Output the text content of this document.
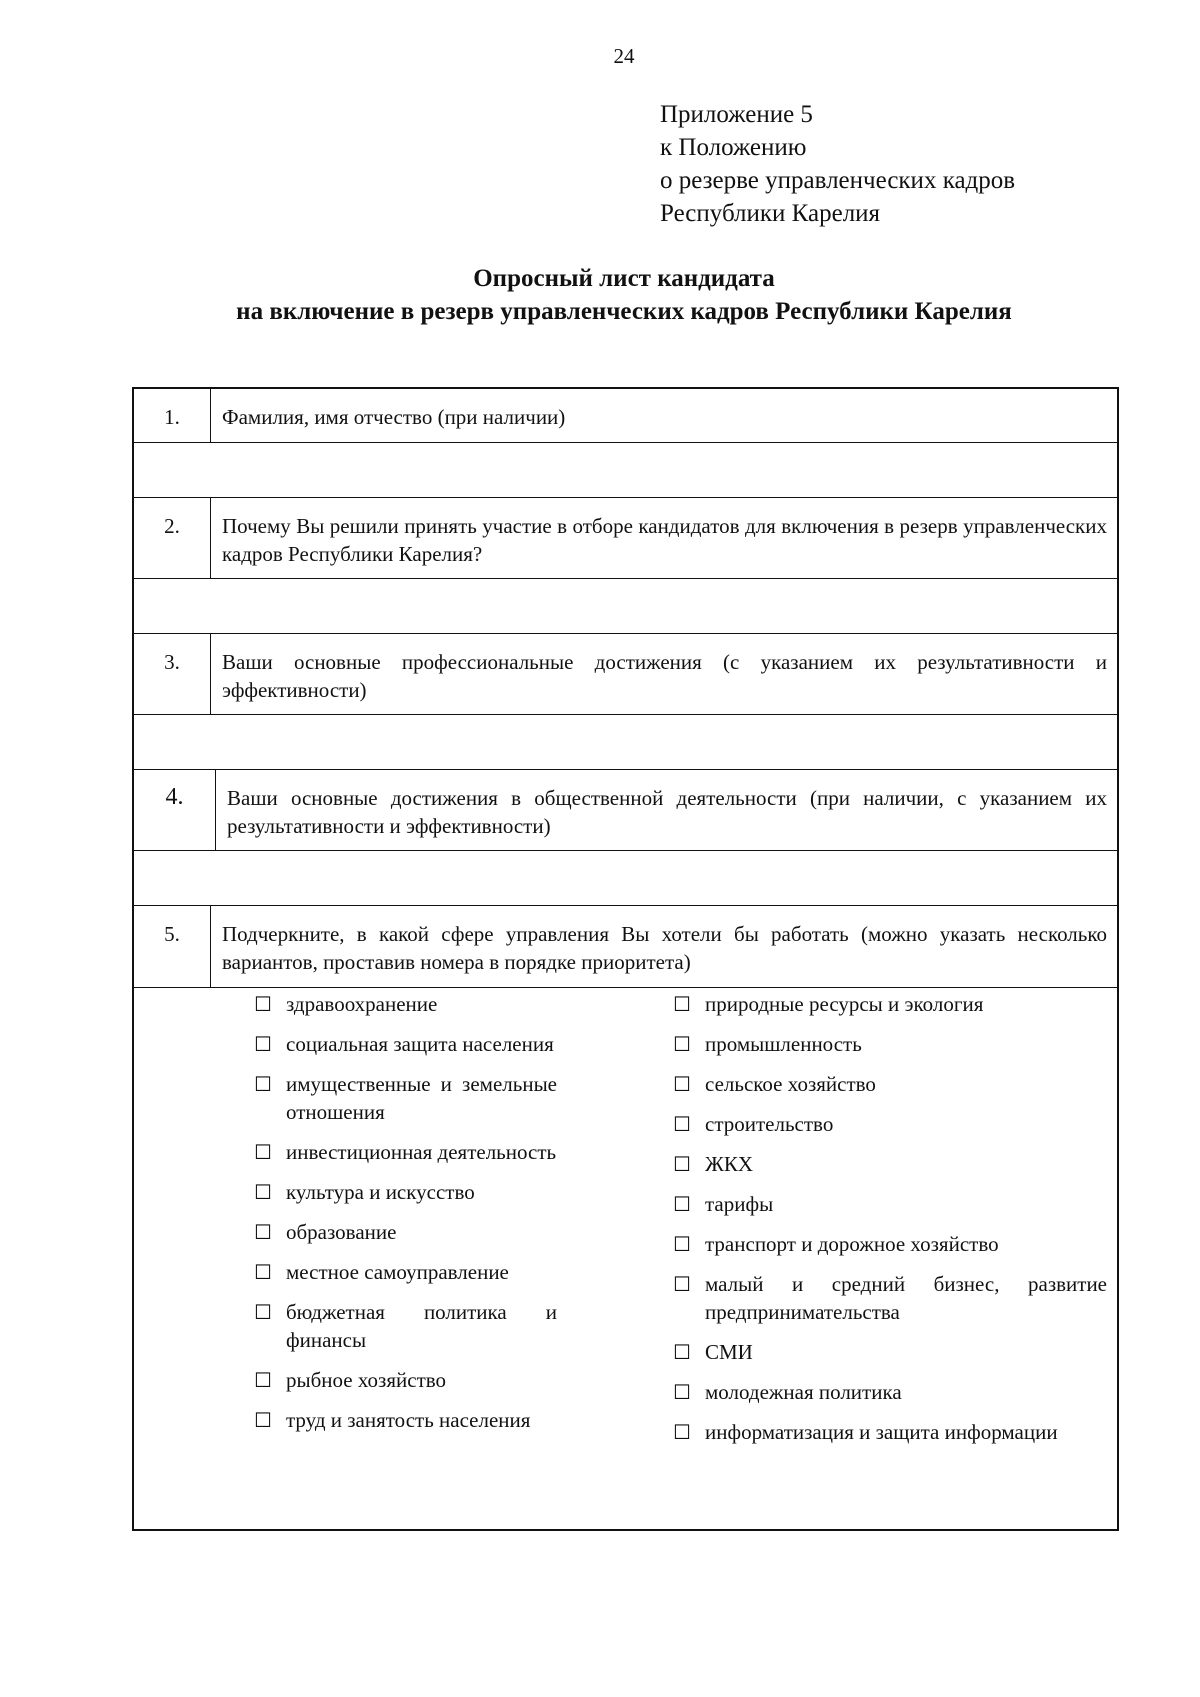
24
Приложение 5
к Положению
о резерве управленческих кадров
Республики Карелия
Опросный лист кандидата
на включение в резерв управленческих кадров Республики Карелия
1.	Фамилия, имя отчество (при наличии)
2.	Почему Вы решили принять участие в отборе кандидатов для включения в резерв управленческих кадров Республики Карелия?
3.	Ваши основные профессиональные достижения (с указанием их результативности и эффективности)
4.	Ваши основные достижения в общественной деятельности (при наличии, с указанием их результативности и эффективности)
5.	Подчеркните, в какой сфере управления Вы хотели бы работать (можно указать несколько вариантов, проставив номера в порядке приоритета)
☐ здравоохранение
☐ социальная защита населения
☐ имущественные и земельные отношения
☐ инвестиционная деятельность
☐ культура и искусство
☐ образование
☐ местное самоуправление
☐ бюджетная политика и финансы
☐ рыбное хозяйство
☐ труд и занятость населения
☐ природные ресурсы и экология
☐ промышленность
☐ сельское хозяйство
☐ строительство
☐ ЖКХ
☐ тарифы
☐ транспорт и дорожное хозяйство
☐ малый и средний бизнес, развитие предпринимательства
☐ СМИ
☐ молодежная политика
☐ информатизация и защита информации
